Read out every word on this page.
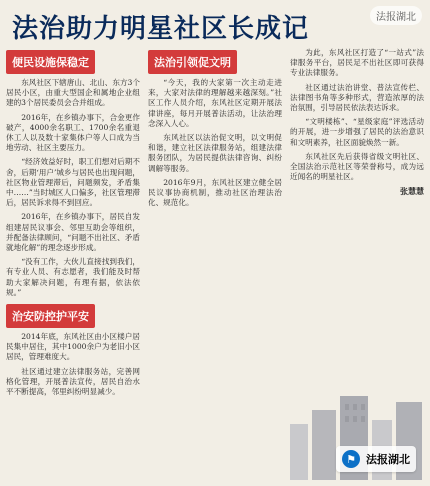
法报湖北
法治助力明星社区长成记
便民设施保稳定

东风社区下辖唐山、北山、东方3个居民小区，由重大型国企和属地企业组建的3个居民委员会合并组成。

2016年，在乡镇办事下，合金更作破产，4000余名职工、1700余名重退休工人以及数十家集体户等人口成为当地劳动、社区主要压力。

“经济效益好时，职工们想对后期不舍，后期‘用户’城乡与居民也出现问题，社区物业管理滞后，问题频发，矛盾集中……”当时城区人口偏多，社区管理滞后，居民诉求得不到回应。

2016年，在乡镇办事下，居民自发组建居民议事会、邻里互助会等组织，并配备法律顾问，“问题不出社区、矛盾就地化解”的理念逐步形成。

“没有工作，大伙儿直接找到我们，有专业人员、有志愿者，我们能及时帮助大家解决问题，有理有据，依法依规。”

治安防控护平安

2014年底，东风社区由小区楼户居民集中居住，其中1000余户为老旧小区居民，管理难度大。

社区通过建立法律服务站，完善网格化管理，开展普法宣传，居民自治水平不断提高，邻里纠纷明显减少。

法治引领促文明

“今天，我的大家第一次主动走进来，大家对法律的理解越来越深刻。”社区工作人员介绍，东风社区定期开展法律讲座，每月开展普法活动，让法治理念深入人心。

东风社区以法治促文明，以文明促和谐，建立社区法律服务站，组建法律服务团队，为居民提供法律咨询、纠纷调解等服务。

2016年9月，东风社区建立健全居民议事协商机制，推动社区治理法治化、规范化。

为此，东风社区打造了“一站式”法律服务平台，居民足不出社区即可获得专业法律服务。

社区通过法治讲堂、普法宣传栏、法律图书角等多种形式，营造浓厚的法治氛围，引导居民依法表达诉求。

“文明楼栋”、“星级家庭”评选活动的开展，进一步增强了居民的法治意识和文明素养，社区面貌焕然一新。

东风社区先后获得省级文明社区、全国法治示范社区等荣誉称号，成为远近闻名的明星社区。

张慧慧
⚑ 法报湖北
